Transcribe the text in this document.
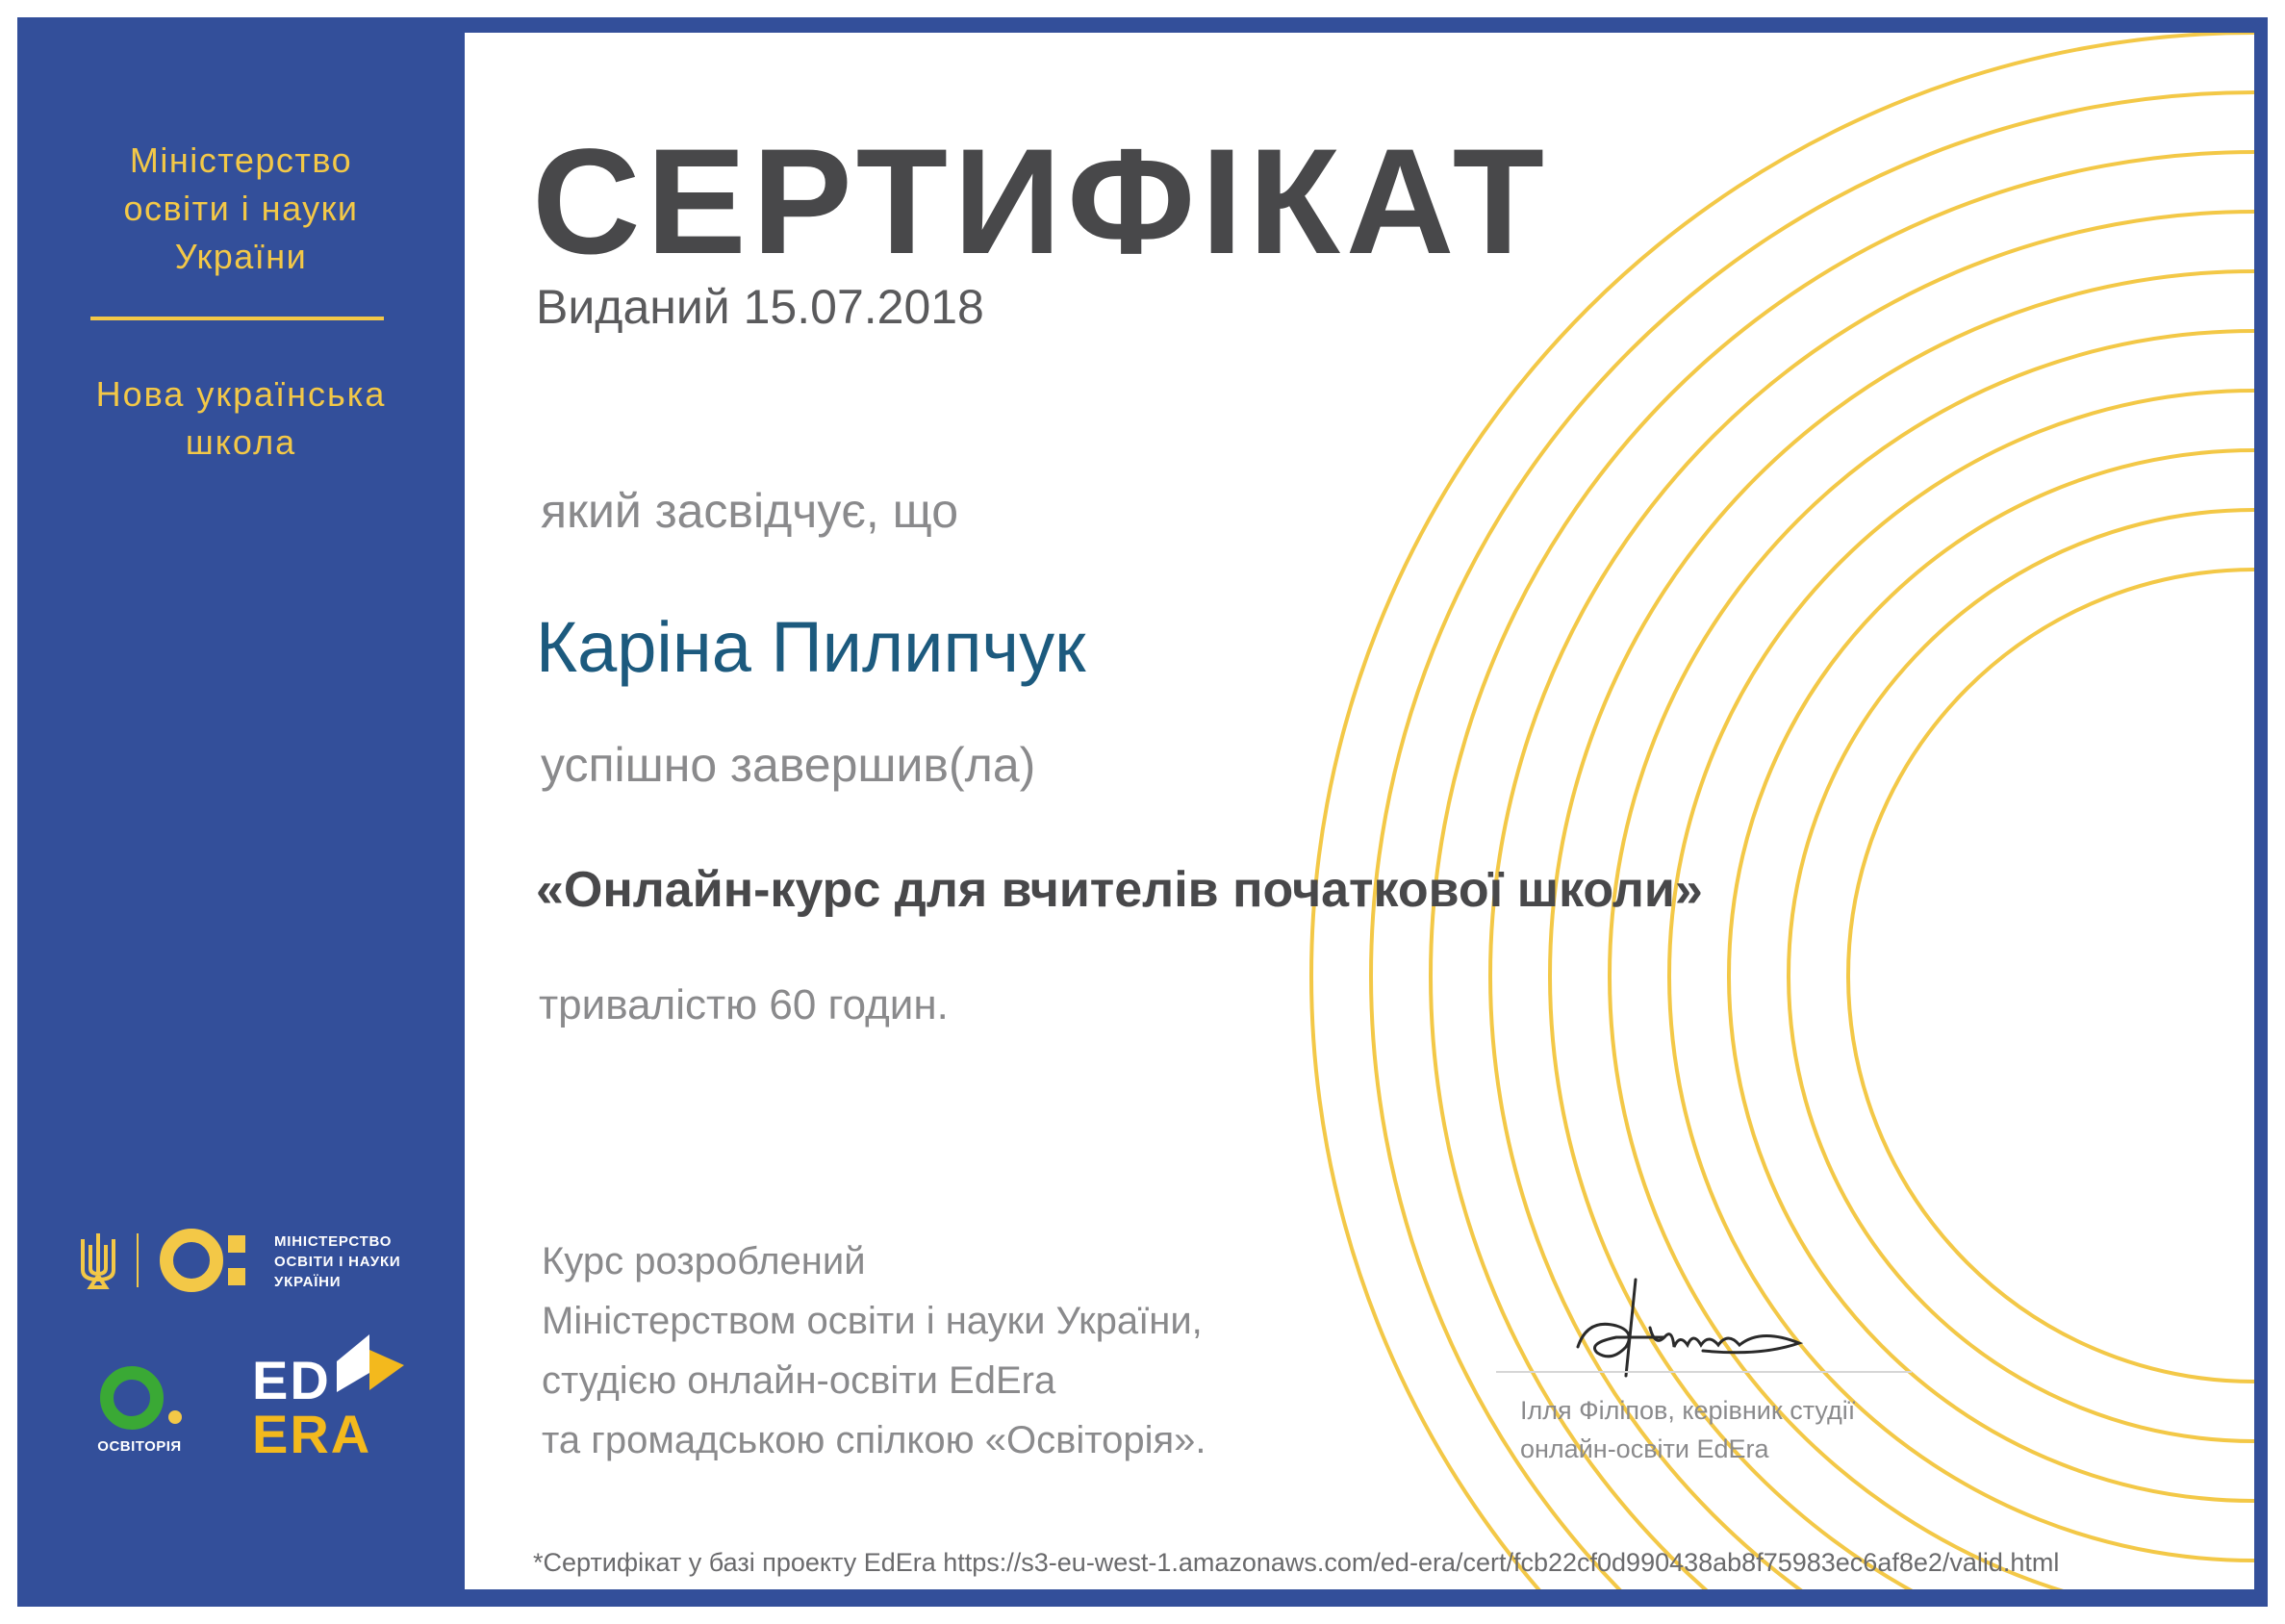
Міністерство
освіти і науки
України
Нова українська
школа
МІНІСТЕРСТВО
ОСВІТИ І НАУКИ
УКРАЇНИ
ОСВІТОРІЯ
ED
ERA
СЕРТИФІКАТ
Виданий 15.07.2018
який засвідчує, що
Каріна Пилипчук
успішно завершив(ла)
«Онлайн-курс для вчителів початкової школи»
тривалістю 60 годин.
Курс розроблений
Міністерством освіти і науки України,
студією онлайн-освіти EdEra
та громадською спілкою «Освіторія».
Ілля Філіпов, керівник студії
онлайн-освіти EdEra
*Сертифікат у базі проекту EdEra https://s3-eu-west-1.amazonaws.com/ed-era/cert/fcb22cf0d990438ab8f75983ec6af8e2/valid.html
